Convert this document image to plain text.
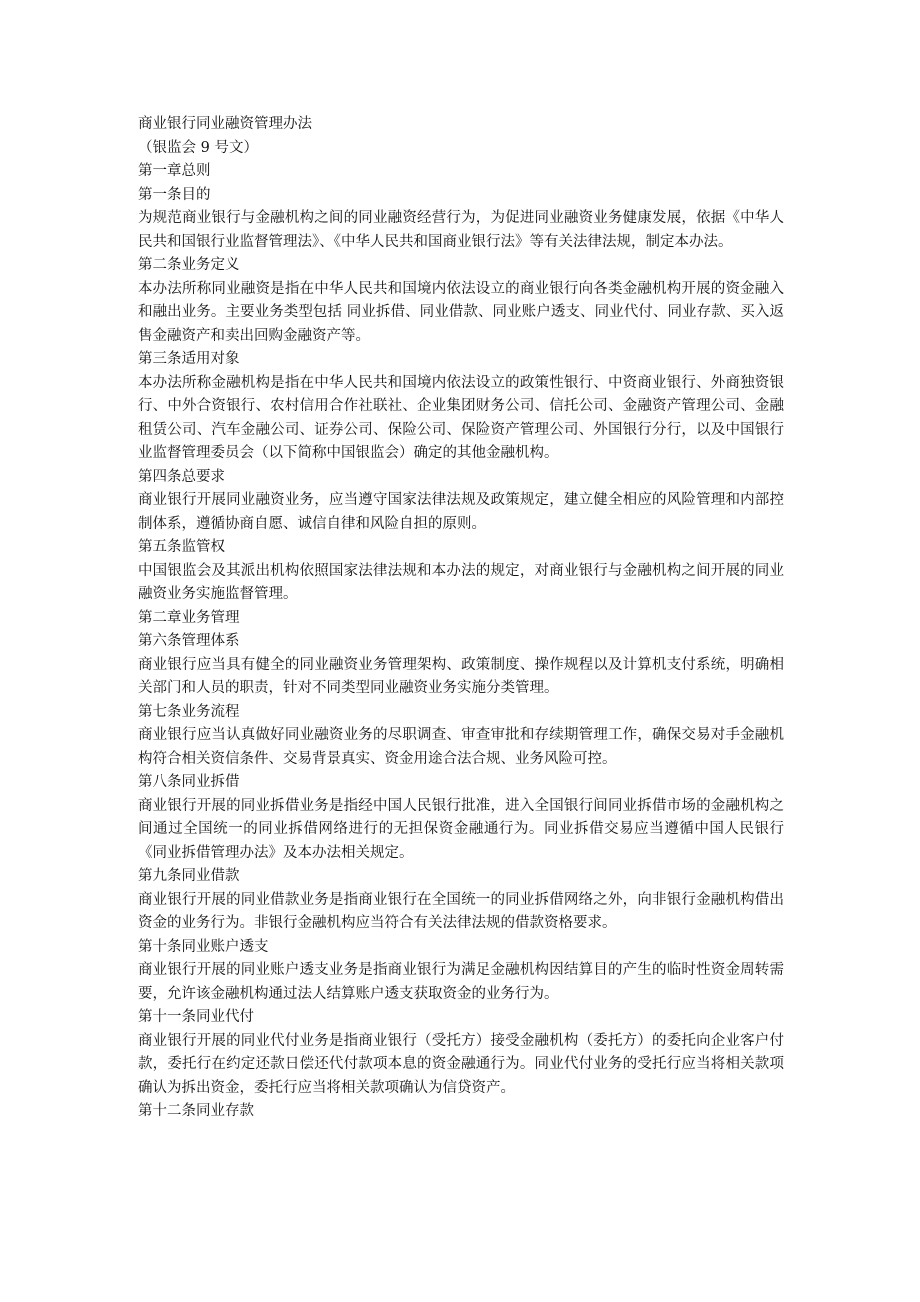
商业银行同业融资管理办法

（银监会 9 号文）

第一章总则

第一条目的

为规范商业银行与金融机构之间的同业融资经营行为，为促进同业融资业务健康发展，依据《中华人民共和国银行业监督管理法》、《中华人民共和国商业银行法》等有关法律法规，制定本办法。

第二条业务定义

本办法所称同业融资是指在中华人民共和国境内依法设立的商业银行向各类金融机构开展的资金融入和融出业务。主要业务类型包括 同业拆借、同业借款、同业账户透支、同业代付、同业存款、买入返售金融资产和卖出回购金融资产等。

第三条适用对象

本办法所称金融机构是指在中华人民共和国境内依法设立的政策性银行、中资商业银行、外商独资银行、中外合资银行、农村信用合作社联社、企业集团财务公司、信托公司、金融资产管理公司、金融租赁公司、汽车金融公司、证券公司、保险公司、保险资产管理公司、外国银行分行，以及中国银行业监督管理委员会（以下简称中国银监会）确定的其他金融机构。

第四条总要求

商业银行开展同业融资业务，应当遵守国家法律法规及政策规定，建立健全相应的风险管理和内部控制体系，遵循协商自愿、诚信自律和风险自担的原则。

第五条监管权

中国银监会及其派出机构依照国家法律法规和本办法的规定，对商业银行与金融机构之间开展的同业融资业务实施监督管理。

第二章业务管理

第六条管理体系

商业银行应当具有健全的同业融资业务管理架构、政策制度、操作规程以及计算机支付系统，明确相关部门和人员的职责，针对不同类型同业融资业务实施分类管理。

第七条业务流程

商业银行应当认真做好同业融资业务的尽职调查、审查审批和存续期管理工作，确保交易对手金融机构符合相关资信条件、交易背景真实、资金用途合法合规、业务风险可控。

第八条同业拆借

商业银行开展的同业拆借业务是指经中国人民银行批准，进入全国银行间同业拆借市场的金融机构之间通过全国统一的同业拆借网络进行的无担保资金融通行为。同业拆借交易应当遵循中国人民银行《同业拆借管理办法》及本办法相关规定。

第九条同业借款

商业银行开展的同业借款业务是指商业银行在全国统一的同业拆借网络之外，向非银行金融机构借出资金的业务行为。非银行金融机构应当符合有关法律法规的借款资格要求。

第十条同业账户透支

商业银行开展的同业账户透支业务是指商业银行为满足金融机构因结算目的产生的临时性资金周转需要，允许该金融机构通过法人结算账户透支获取资金的业务行为。

第十一条同业代付

商业银行开展的同业代付业务是指商业银行（受托方）接受金融机构（委托方）的委托向企业客户付款，委托行在约定还款日偿还代付款项本息的资金融通行为。同业代付业务的受托行应当将相关款项确认为拆出资金，委托行应当将相关款项确认为信贷资产。

第十二条同业存款
